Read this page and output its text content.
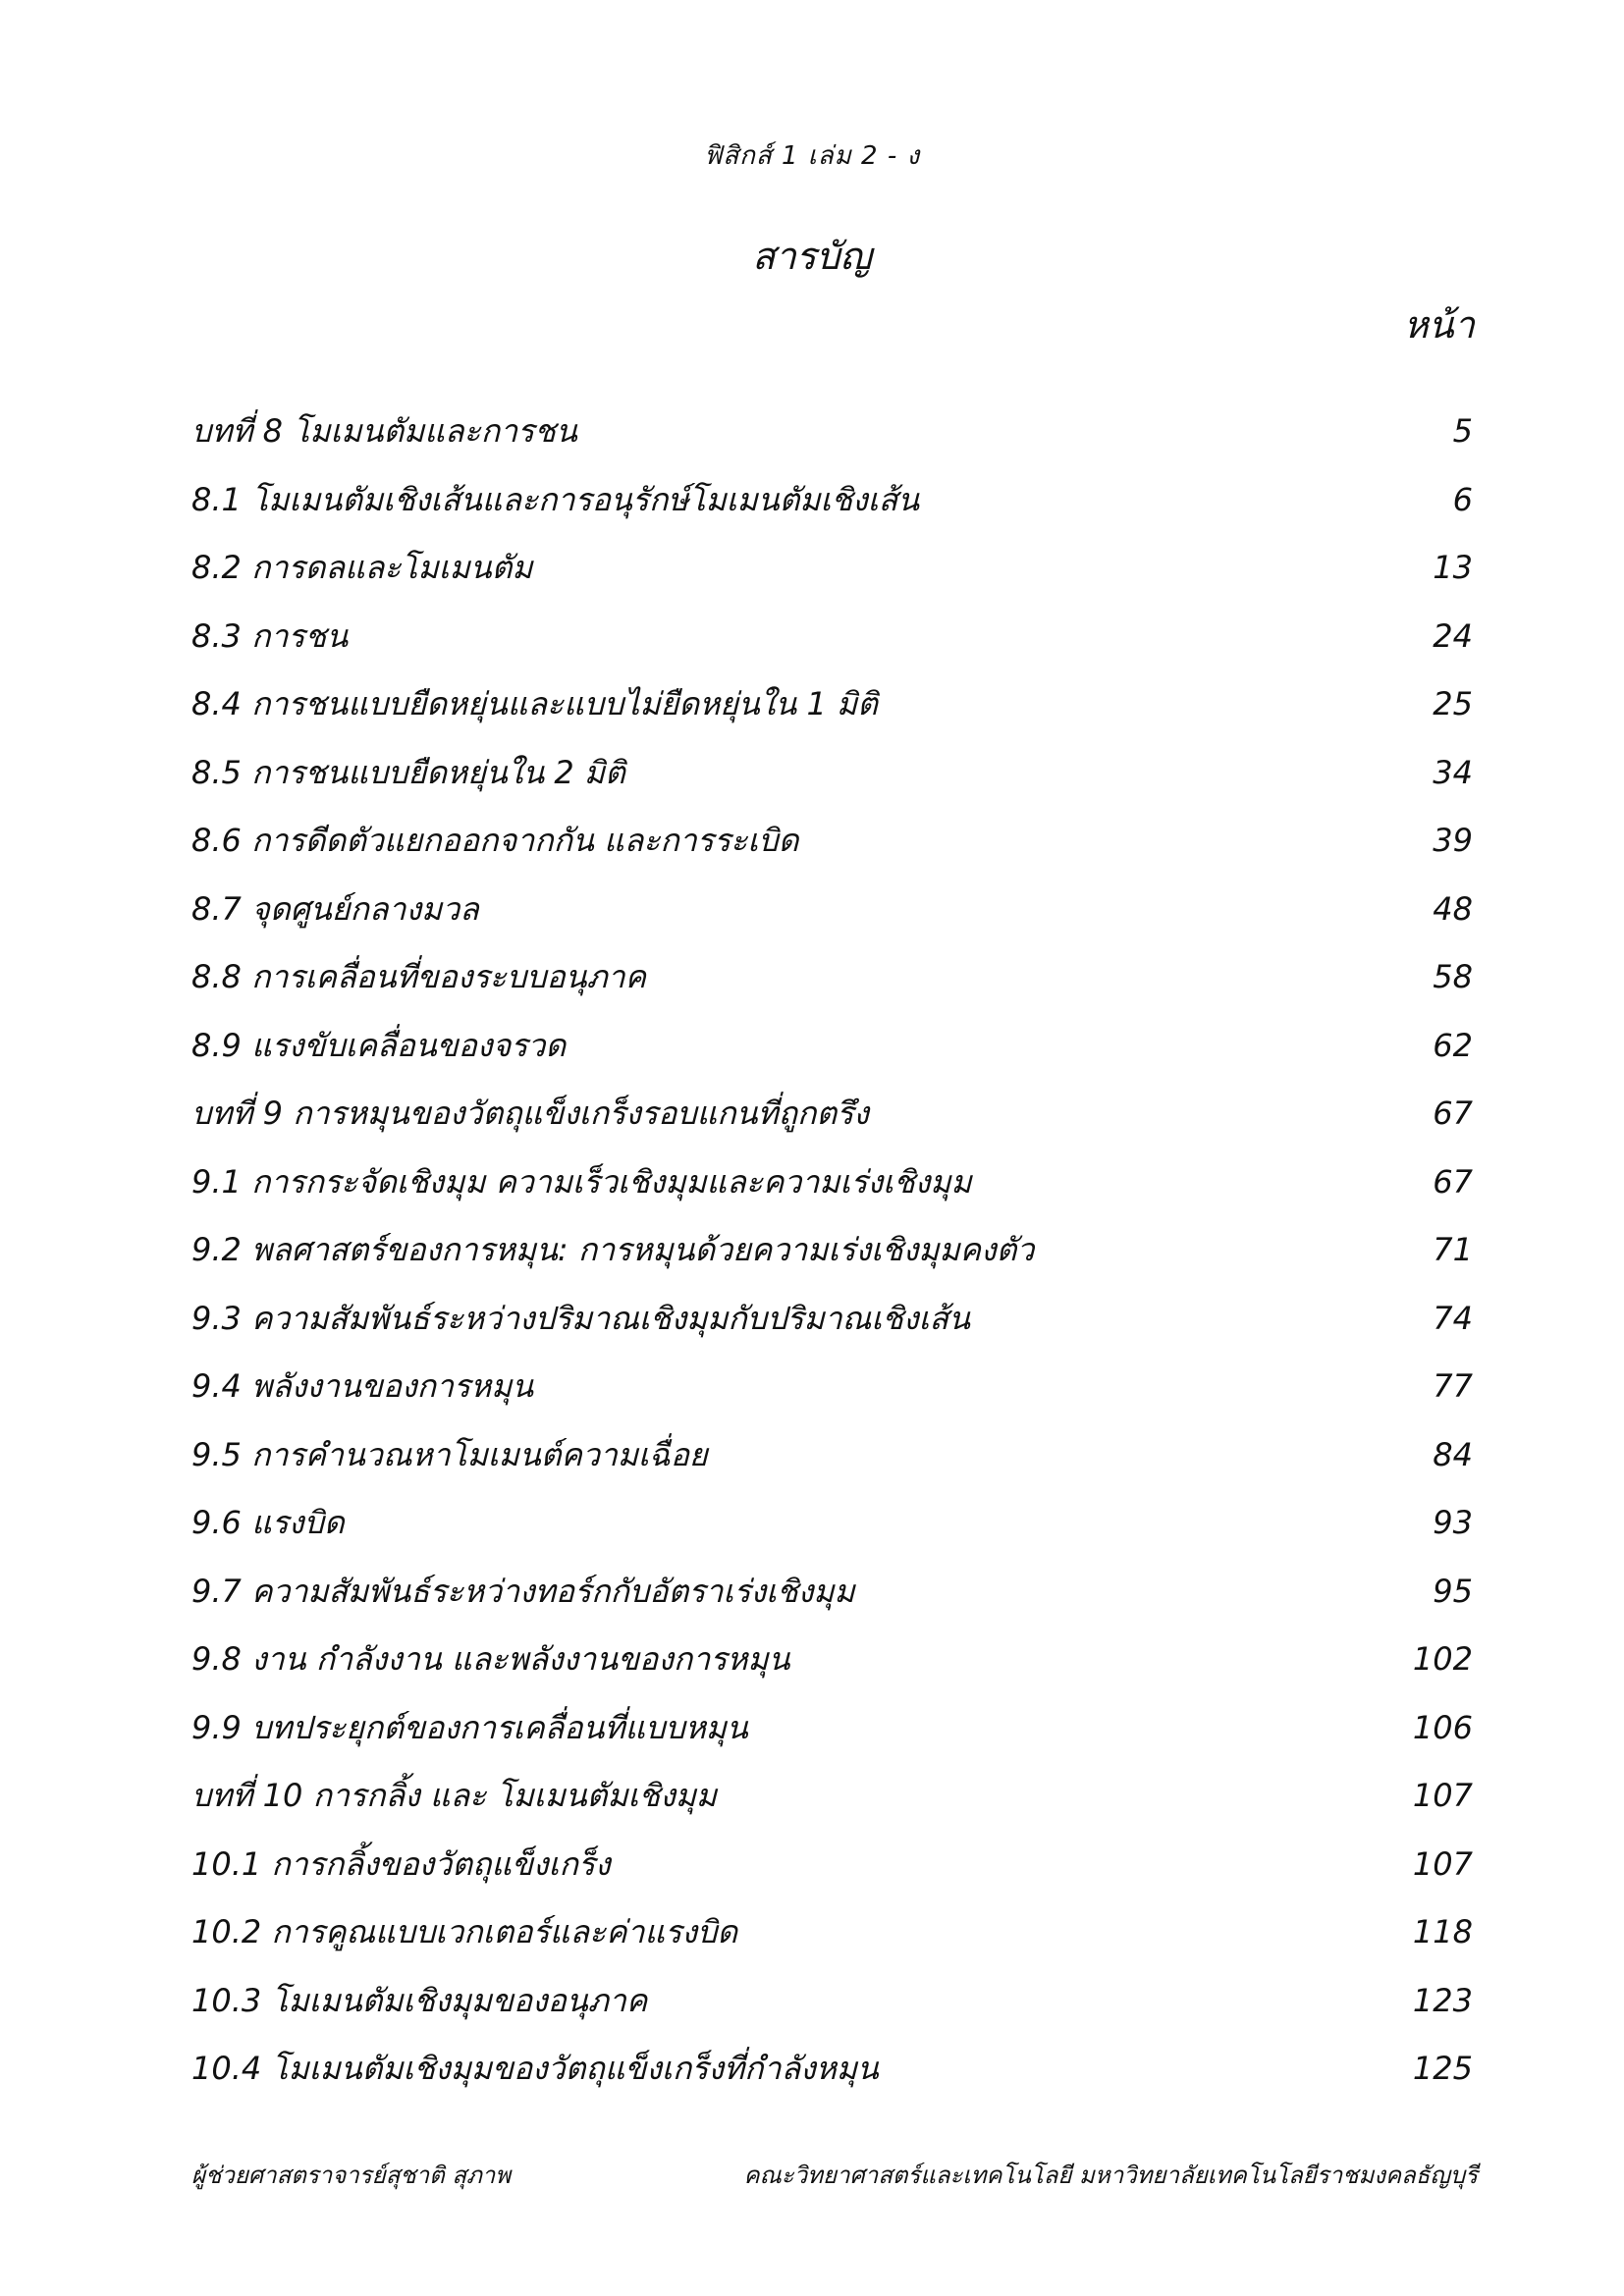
ฟิสิกส์ 1 เล่ม 2 - ง
สารบัญ
หน้า
บทที่ 8 โมเมนตัมและการชน	5
8.1 โมเมนตัมเชิงเส้นและการอนุรักษ์โมเมนตัมเชิงเส้น	6
8.2 การดลและโมเมนตัม	13
8.3 การชน	24
8.4 การชนแบบยืดหยุ่นและแบบไม่ยืดหยุ่นใน 1 มิติ	25
8.5 การชนแบบยืดหยุ่นใน 2 มิติ	34
8.6 การดีดตัวแยกออกจากกัน และการระเบิด	39
8.7 จุดศูนย์กลางมวล	48
8.8 การเคลื่อนที่ของระบบอนุภาค	58
8.9 แรงขับเคลื่อนของจรวด	62
บทที่ 9 การหมุนของวัตถุแข็งเกร็งรอบแกนที่ถูกตรึง	67
9.1 การกระจัดเชิงมุม ความเร็วเชิงมุมและความเร่งเชิงมุม	67
9.2 พลศาสตร์ของการหมุน: การหมุนด้วยความเร่งเชิงมุมคงตัว	71
9.3 ความสัมพันธ์ระหว่างปริมาณเชิงมุมกับปริมาณเชิงเส้น	74
9.4 พลังงานของการหมุน	77
9.5 การคำนวณหาโมเมนต์ความเฉื่อย	84
9.6 แรงบิด	93
9.7 ความสัมพันธ์ระหว่างทอร์กกับอัตราเร่งเชิงมุม	95
9.8 งาน กำลังงาน และพลังงานของการหมุน	102
9.9 บทประยุกต์ของการเคลื่อนที่แบบหมุน	106
บทที่ 10 การกลิ้ง และ โมเมนตัมเชิงมุม	107
10.1 การกลิ้งของวัตถุแข็งเกร็ง	107
10.2 การคูณแบบเวกเตอร์และค่าแรงบิด	118
10.3 โมเมนตัมเชิงมุมของอนุภาค	123
10.4 โมเมนตัมเชิงมุมของวัตถุแข็งเกร็งที่กำลังหมุน	125
ผู้ช่วยศาสตราจารย์สุชาติ สุภาพ	คณะวิทยาศาสตร์และเทคโนโลยี มหาวิทยาลัยเทคโนโลยีราชมงคลธัญบุรี
